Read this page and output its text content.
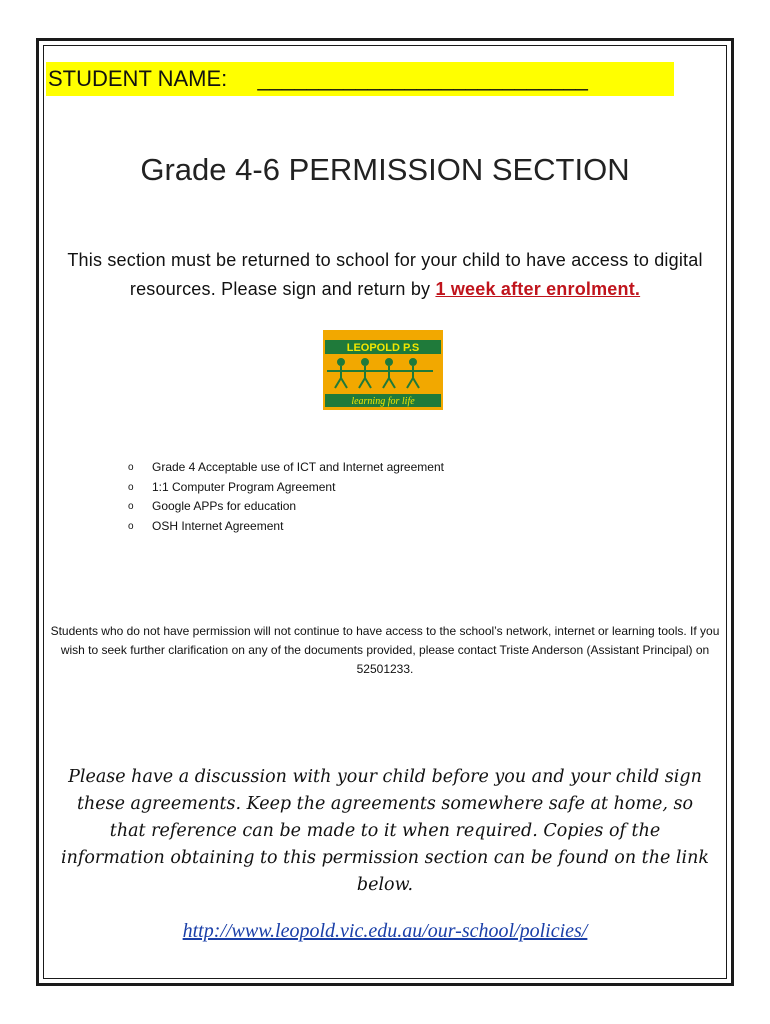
STUDENT NAME: ___________________________
Grade 4-6 PERMISSION SECTION
This section must be returned to school for your child to have access to digital resources. Please sign and return by 1 week after enrolment.
LEOPOLD P.S
learning for life
o Grade 4 Acceptable use of ICT and Internet agreement
o 1:1 Computer Program Agreement
o Google APPs for education
o OSH Internet Agreement
Students who do not have permission will not continue to have access to the school’s network, internet or learning tools. If you wish to seek further clarification on any of the documents provided, please contact Triste Anderson (Assistant Principal) on 52501233.
Please have a discussion with your child before you and your child sign these agreements. Keep the agreements somewhere safe at home, so that reference can be made to it when required. Copies of the information obtaining to this permission section can be found on the link below.
http://www.leopold.vic.edu.au/our-school/policies/
